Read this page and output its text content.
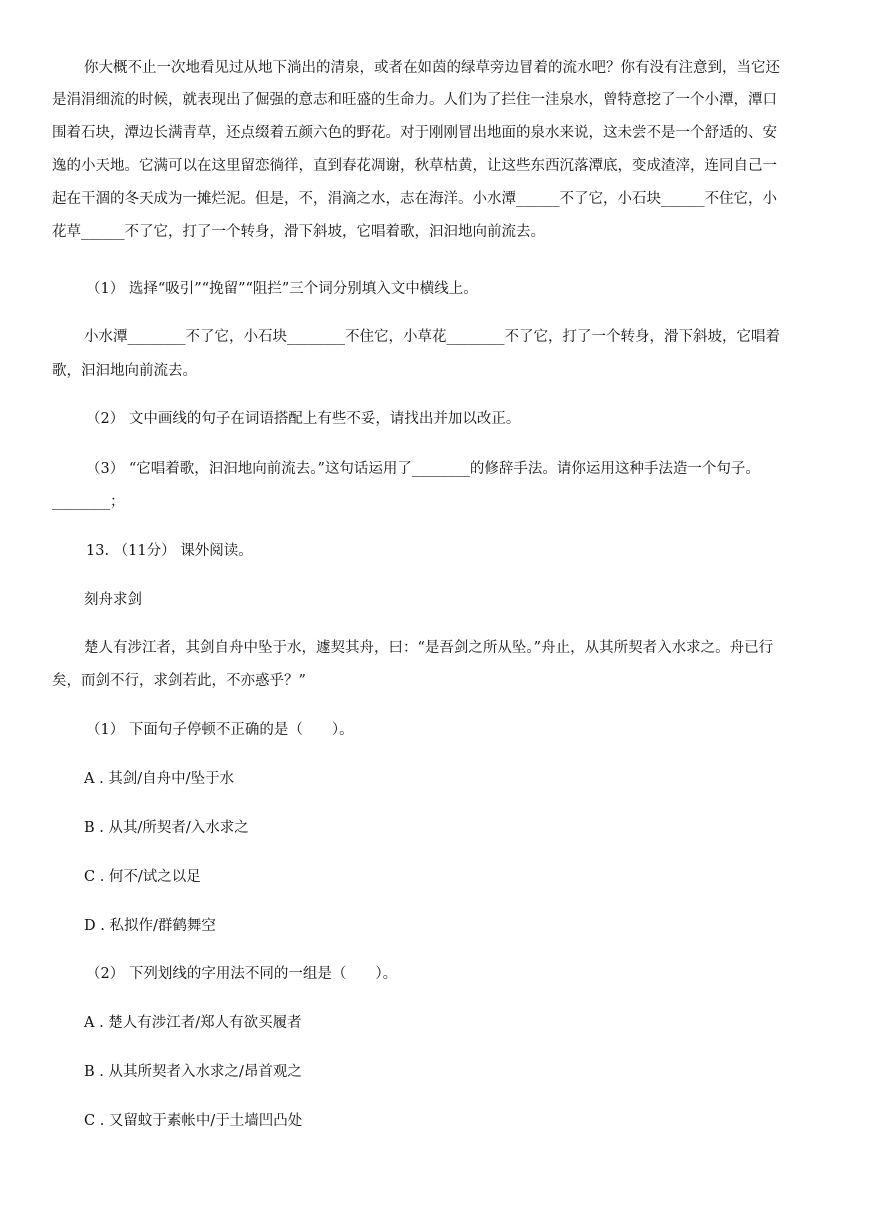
你大概不止一次地看见过从地下淌出的清泉，或者在如茵的绿草旁边冒着的流水吧？你有没有注意到，当它还
是涓涓细流的时候，就表现出了倔强的意志和旺盛的生命力。人们为了拦住一洼泉水，曾特意挖了一个小潭，潭口
围着石块，潭边长满青草，还点缀着五颜六色的野花。对于刚刚冒出地面的泉水来说，这未尝不是一个舒适的、安
逸的小天地。它满可以在这里留恋徜徉，直到春花凋谢，秋草枯黄，让这些东西沉落潭底，变成渣滓，连同自己一
起在干涸的冬天成为一摊烂泥。但是，不，涓滴之水，志在海洋。小水潭______不了它，小石块______不住它，小
花草______不了它，打了一个转身，滑下斜坡，它唱着歌，汩汩地向前流去。
（1） 选择“吸引”“挽留”“阻拦”三个词分别填入文中横线上。
小水潭________不了它，小石块________不住它，小草花________不了它，打了一个转身，滑下斜坡，它唱着
歌，汩汩地向前流去。
（2） 文中画线的句子在词语搭配上有些不妥，请找出并加以改正。
（3） “它唱着歌，汩汩地向前流去。”这句话运用了________的修辞手法。请你运用这种手法造一个句子。
________；
13. （11分） 课外阅读。
刻舟求剑
楚人有涉江者，其剑自舟中坠于水，遽契其舟，曰：“是吾剑之所从坠。”舟止，从其所契者入水求之。舟已行
矣，而剑不行，求剑若此，不亦惑乎？”
（1） 下面句子停顿不正确的是（　　）。
A . 其剑/自舟中/坠于水
B . 从其/所契者/入水求之
C . 何不/试之以足
D . 私拟作/群鹤舞空
（2） 下列划线的字用法不同的一组是（　　）。
A . 楚人有涉江者/郑人有欲买履者
B . 从其所契者入水求之/昂首观之
C . 又留蚊于素帐中/于土墙凹凸处
